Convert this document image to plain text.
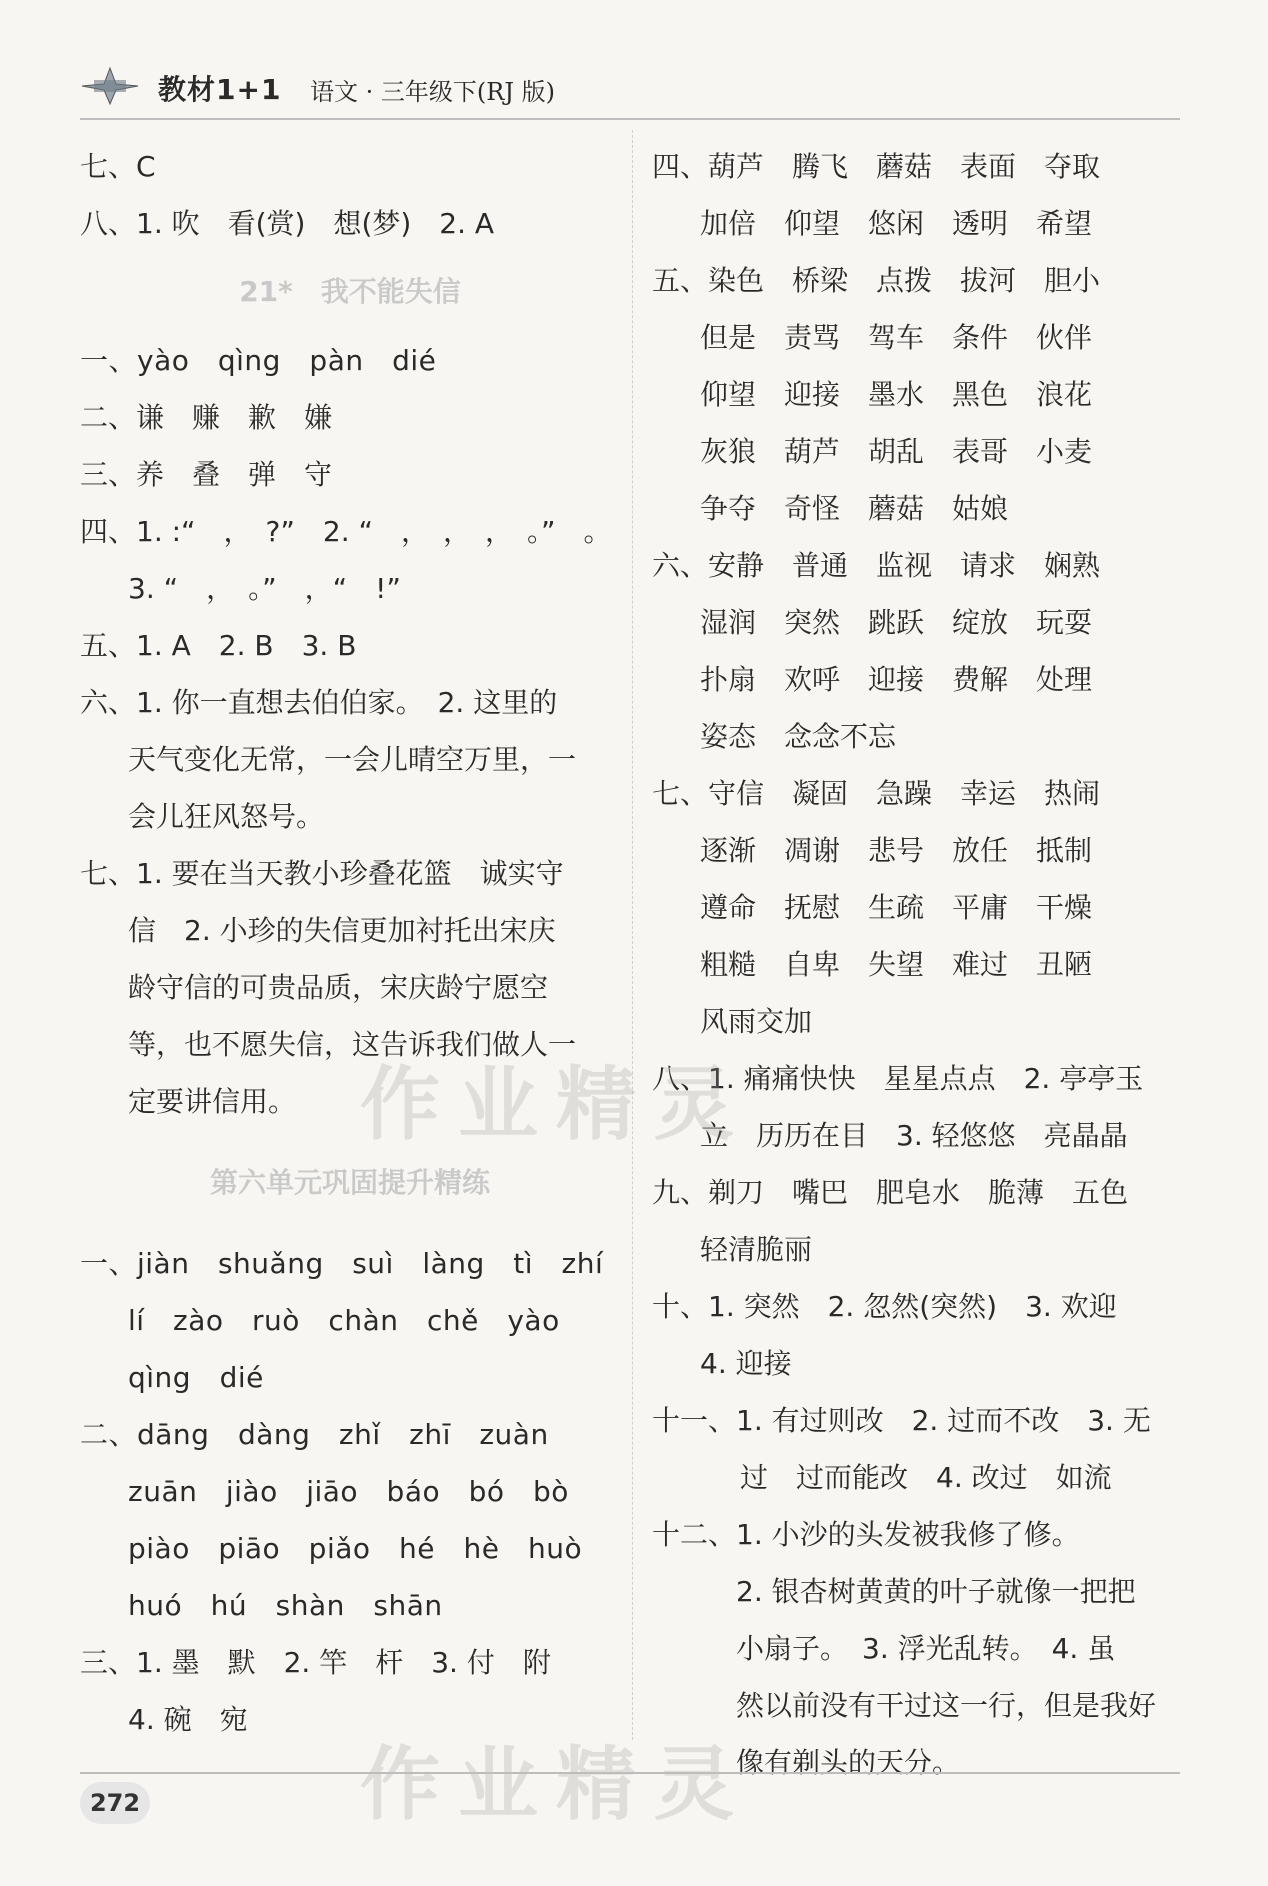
教材1+1 语文 · 三年级下(RJ 版)
七、C
八、1. 吹　看(赏)　想(梦)　2. A
21*　我不能失信
一、yào　qìng　pàn　dié
二、谦　赚　歉　嫌
三、养　叠　弹　守
四、1. :“　，　?”　2. “　，　，　，　。”　。
3. “　，　。”　，“　!”
五、1. A　2. B　3. B
六、1. 你一直想去伯伯家。　2. 这里的
天气变化无常，一会儿晴空万里，一
会儿狂风怒号。
七、1. 要在当天教小珍叠花篮　诚实守
信　2. 小珍的失信更加衬托出宋庆
龄守信的可贵品质，宋庆龄宁愿空
等，也不愿失信，这告诉我们做人一
定要讲信用。
第六单元巩固提升精练
一、jiàn　shuǎng　suì　làng　tì　zhí
lí　zào　ruò　chàn　chě　yào
qìng　dié
二、dāng　dàng　zhǐ　zhī　zuàn
zuān　jiào　jiāo　báo　bó　bò
piào　piāo　piǎo　hé　hè　huò
huó　hú　shàn　shān
三、1. 墨　默　2. 竿　杆　3. 付　附
4. 碗　宛
四、葫芦　腾飞　蘑菇　表面　夺取
加倍　仰望　悠闲　透明　希望
五、染色　桥梁　点拨　拔河　胆小
但是　责骂　驾车　条件　伙伴
仰望　迎接　墨水　黑色　浪花
灰狼　葫芦　胡乱　表哥　小麦
争夺　奇怪　蘑菇　姑娘
六、安静　普通　监视　请求　娴熟
湿润　突然　跳跃　绽放　玩耍
扑扇　欢呼　迎接　费解　处理
姿态　念念不忘
七、守信　凝固　急躁　幸运　热闹
逐渐　凋谢　悲号　放任　抵制
遵命　抚慰　生疏　平庸　干燥
粗糙　自卑　失望　难过　丑陋
风雨交加
八、1. 痛痛快快　星星点点　2. 亭亭玉
立　历历在目　3. 轻悠悠　亮晶晶
九、剃刀　嘴巴　肥皂水　脆薄　五色
轻清脆丽
十、1. 突然　2. 忽然(突然)　3. 欢迎
4. 迎接
十一、1. 有过则改　2. 过而不改　3. 无
过　过而能改　4. 改过　如流
十二、1. 小沙的头发被我修了修。
2. 银杏树黄黄的叶子就像一把把
小扇子。　3. 浮光乱转。　4. 虽
然以前没有干过这一行，但是我好
像有剃头的天分。
作业精灵
作业精灵
272
